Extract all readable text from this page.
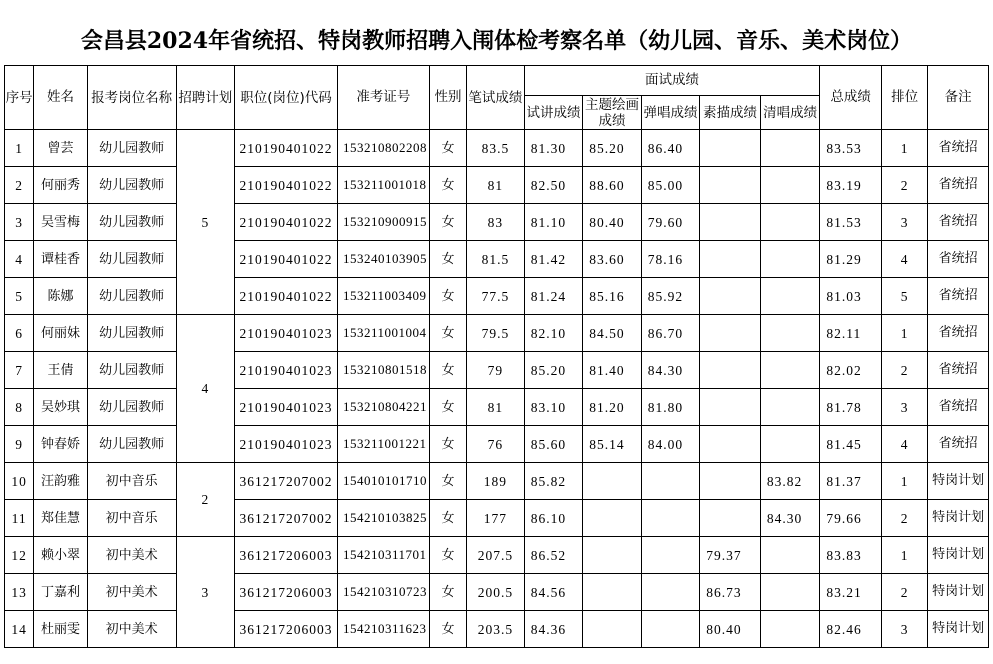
会昌县2024年省统招、特岗教师招聘入闱体检考察名单（幼儿园、音乐、美术岗位）
序号	姓名	报考岗位名称	招聘计划	职位(岗位)代码	准考证号	性别	笔试成绩	面试成绩					总成绩	排位	备注
								试讲成绩	主题绘画成绩	弹唱成绩	素描成绩	清唱成绩			
1	曾芸	幼儿园教师	5	210190401022	153210802208	女	83.5	81.30	85.20	86.40			83.53	1	省统招
2	何丽秀	幼儿园教师		210190401022	153211001018	女	81	82.50	88.60	85.00			83.19	2	省统招
3	吴雪梅	幼儿园教师		210190401022	153210900915	女	83	81.10	80.40	79.60			81.53	3	省统招
4	谭桂香	幼儿园教师		210190401022	153240103905	女	81.5	81.42	83.60	78.16			81.29	4	省统招
5	陈娜	幼儿园教师		210190401022	153211003409	女	77.5	81.24	85.16	85.92			81.03	5	省统招
6	何丽妹	幼儿园教师	4	210190401023	153211001004	女	79.5	82.10	84.50	86.70			82.11	1	省统招
7	王倩	幼儿园教师		210190401023	153210801518	女	79	85.20	81.40	84.30			82.02	2	省统招
8	吴妙琪	幼儿园教师		210190401023	153210804221	女	81	83.10	81.20	81.80			81.78	3	省统招
9	钟春娇	幼儿园教师		210190401023	153211001221	女	76	85.60	85.14	84.00			81.45	4	省统招
10	汪韵雅	初中音乐	2	361217207002	154010101710	女	189	85.82				83.82	81.37	1	特岗计划
11	郑佳慧	初中音乐		361217207002	154210103825	女	177	86.10				84.30	79.66	2	特岗计划
12	赖小翠	初中美术	3	361217206003	154210311701	女	207.5	86.52			79.37		83.83	1	特岗计划
13	丁嘉利	初中美术		361217206003	154210310723	女	200.5	84.56			86.73		83.21	2	特岗计划
14	杜丽雯	初中美术		361217206003	154210311623	女	203.5	84.36			80.40		82.46	3	特岗计划
